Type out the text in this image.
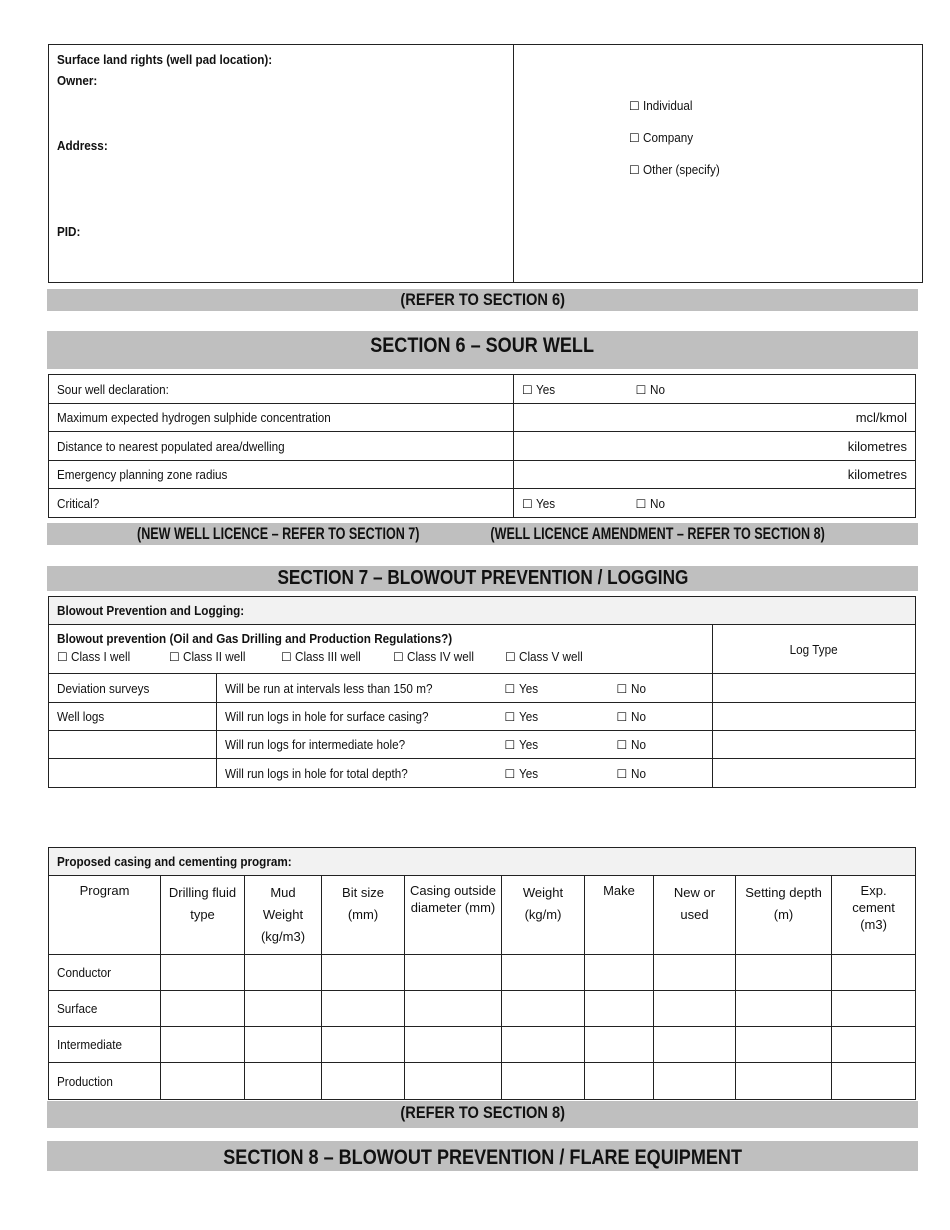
Surface land rights (well pad location):
Owner:
Address:
PID:
☐ Individual
☐ Company
☐ Other (specify)
(REFER TO SECTION 6)
SECTION 6 – SOUR WELL
Sour well declaration:	☐ Yes ☐ No
Maximum expected hydrogen sulphide concentration	mcl/kmol
Distance to nearest populated area/dwelling	kilometres
Emergency planning zone radius	kilometres
Critical?	☐ Yes ☐ No
(NEW WELL LICENCE – REFER TO SECTION 7)	(WELL LICENCE AMENDMENT – REFER TO SECTION 8)
SECTION 7 – BLOWOUT PREVENTION / LOGGING
Blowout Prevention and Logging:				

Blowout prevention (Oil and Gas Drilling and Production Regulations?)
☐ Class I well ☐ Class II well ☐ Class III well ☐ Class IV well ☐ Class V well				Log Type
Deviation surveys	Will be run at intervals less than 150 m?	☐ Yes	☐ No	
Well logs	Will run logs in hole for surface casing?	☐ Yes	☐ No	
	Will run logs for intermediate hole?	☐ Yes	☐ No	
	Will run logs in hole for total depth?	☐ Yes	☐ No	
Proposed casing and cementing program:									
Program	Drilling fluid type	Mud Weight (kg/m3)	Bit size (mm)	Casing outside diameter (mm)	Weight (kg/m)	Make	New or used	Setting depth (m)	Exp. cement (m3)
Conductor									
Surface									
Intermediate									
Production									
(REFER TO SECTION 8)
SECTION 8 – BLOWOUT PREVENTION / FLARE EQUIPMENT
